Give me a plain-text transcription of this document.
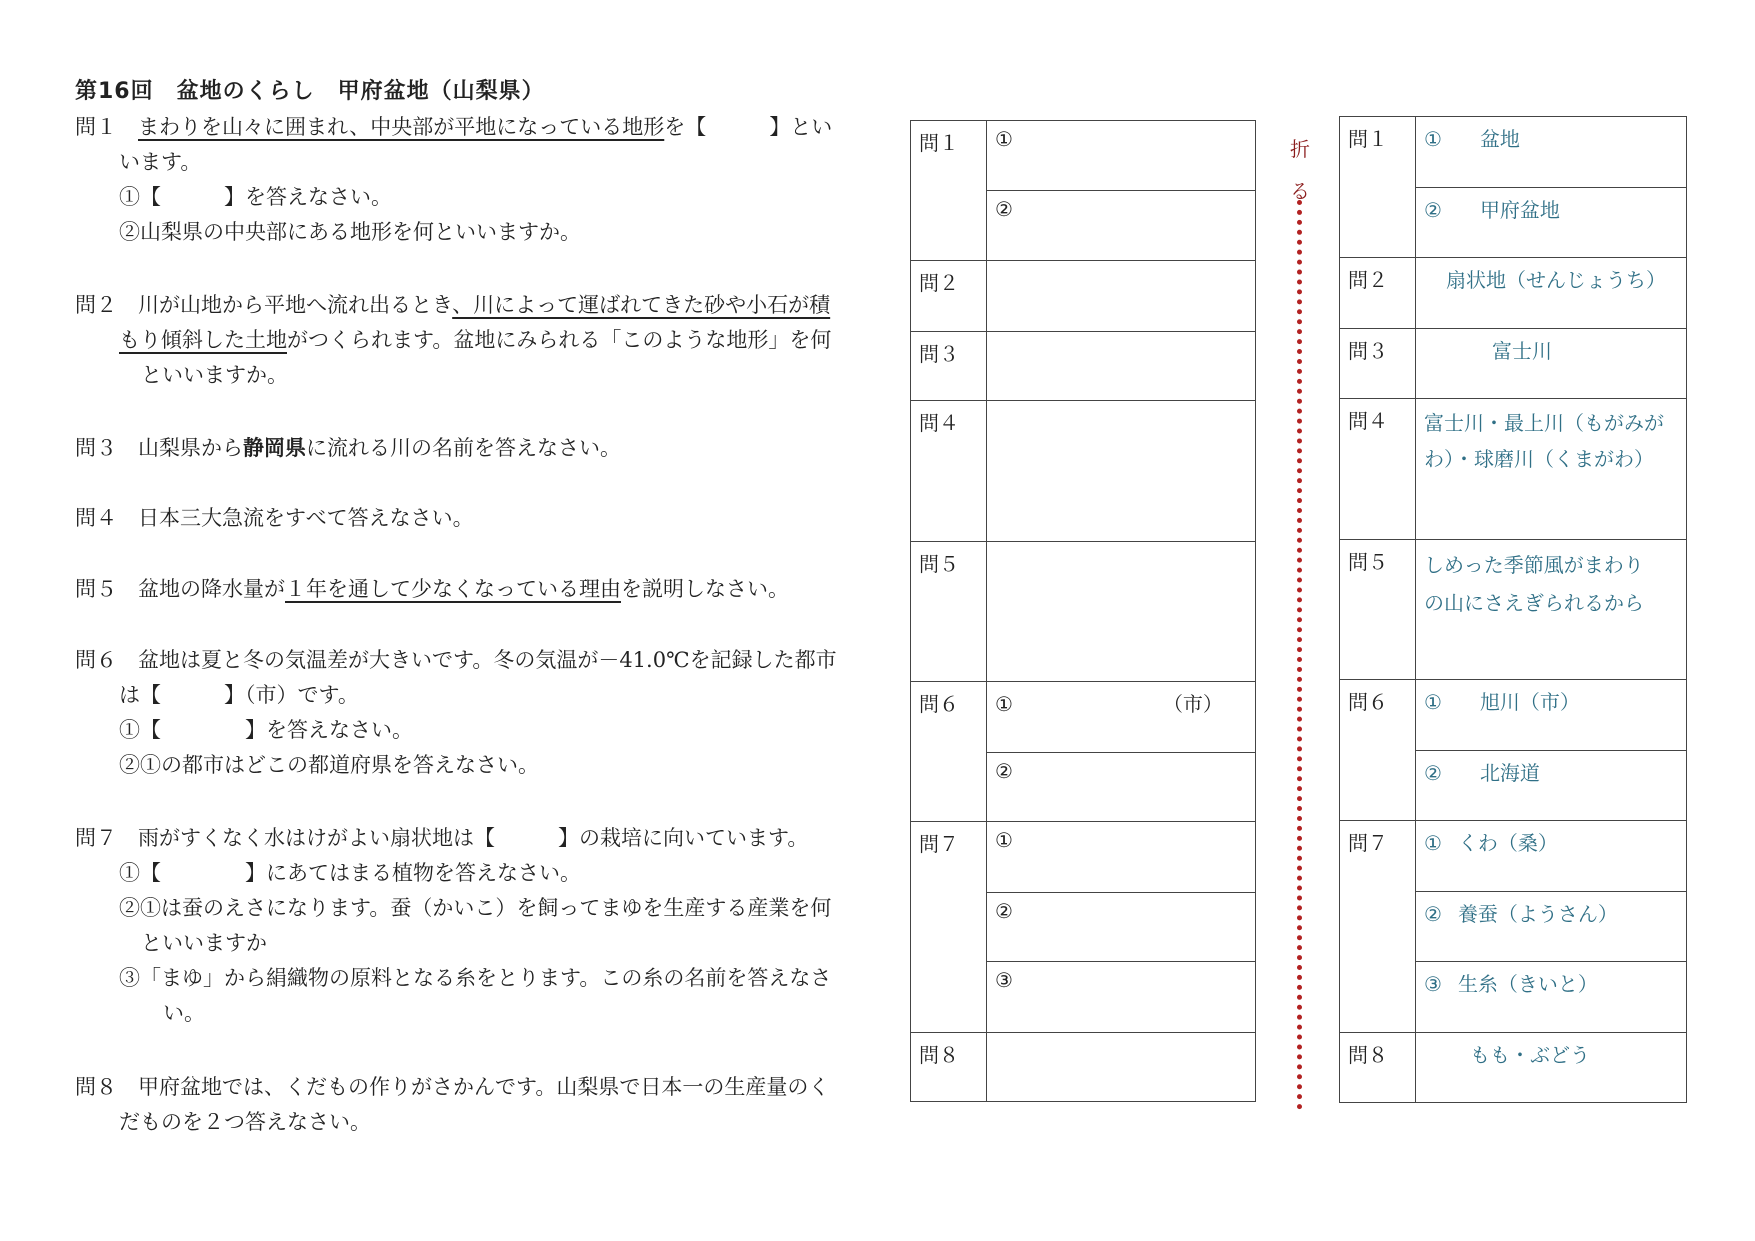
第16回　盆地のくらし　甲府盆地（山梨県）
問１　まわりを山々に囲まれ、中央部が平地になっている地形を【　　　】とい
います。
①【　　　】を答えなさい。
②山梨県の中央部にある地形を何といいますか。
問２　川が山地から平地へ流れ出るとき、川によって運ばれてきた砂や小石が積
もり傾斜した土地がつくられます。盆地にみられる「このような地形」を何
といいますか。
問３　山梨県から静岡県に流れる川の名前を答えなさい。
問４　日本三大急流をすべて答えなさい。
問５　盆地の降水量が１年を通して少なくなっている理由を説明しなさい。
問６　盆地は夏と冬の気温差が大きいです。冬の気温が－41.0℃を記録した都市
は【　　　】（市）です。
①【　　　　】を答えなさい。
②①の都市はどこの都道府県を答えなさい。
問７　雨がすくなく水はけがよい扇状地は【　　　】の栽培に向いています。
①【　　　　】にあてはまる植物を答えなさい。
②①は蚕のえさになります。蚕（かいこ）を飼ってまゆを生産する産業を何
といいますか
③「まゆ」から絹織物の原料となる糸をとります。この糸の名前を答えなさ
い。
問８　甲府盆地では、くだもの作りがさかんです。山梨県で日本一の生産量のく
だものを２つ答えなさい。
問１	①
	②
問２	
問３	
問４	
問５	
問６	① （市）
	②
問７	①
	②
	③
問８	
折
る
問１	① 盆地
	② 甲府盆地
問２	扇状地（せんじょうち）
問３	富士川
問４	富士川・最上川（もがみが
わ）・球磨川（くまがわ）

問５	しめった季節風がまわり
の山にさえぎられるから

問６	① 旭川（市）
	② 北海道
問７	① くわ（桑）
	② 養蚕（ようさん）
	③ 生糸（きいと）
問８	もも・ぶどう
